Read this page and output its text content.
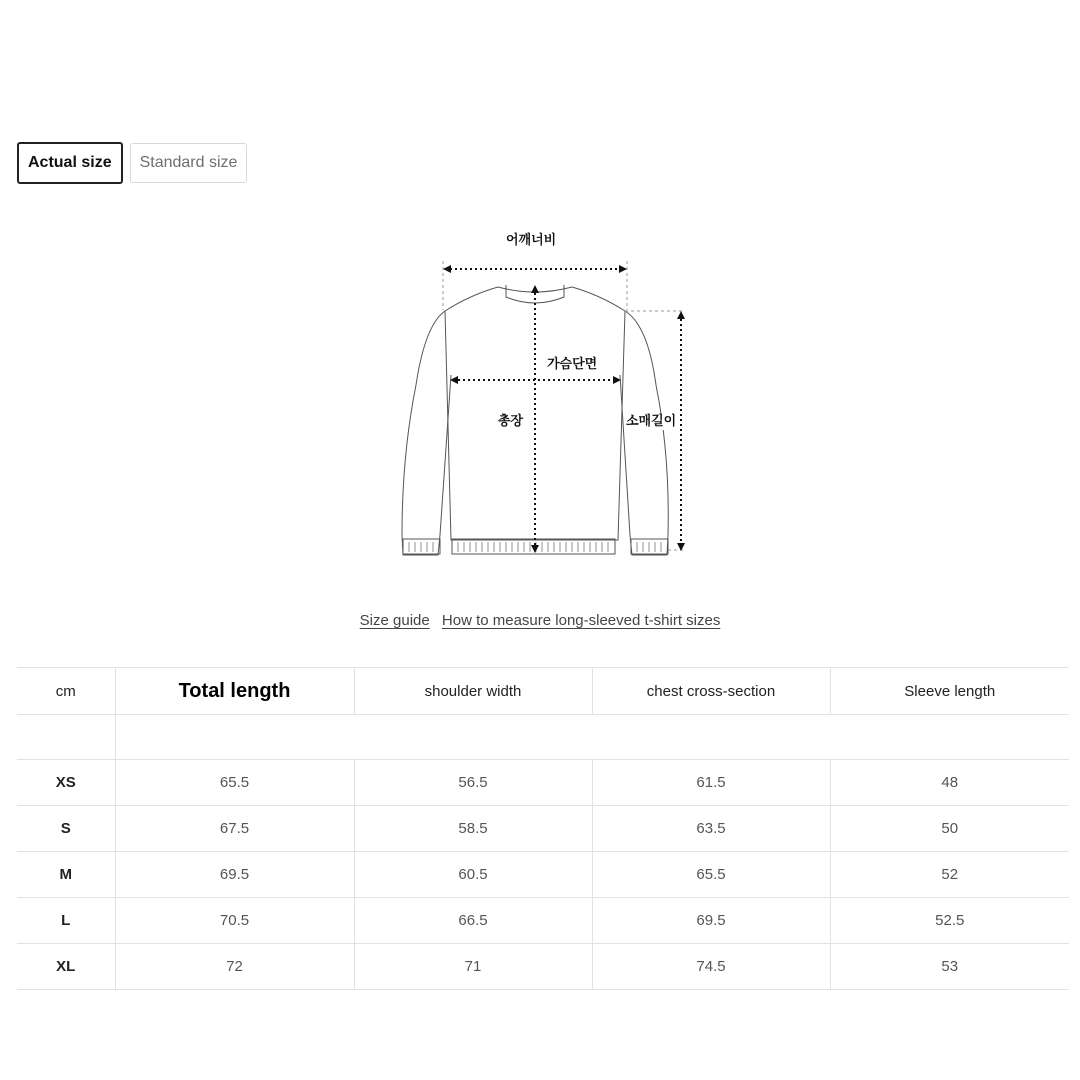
Actual size	Standard size
어깨너비
가슴단면
총장	소매길이
Size guide How to measure long-sleeved t-shirt sizes
cm	Total length	shoulder width	chest cross-section	Sleeve length

XS	65.5	56.5	61.5	48
S	67.5	58.5	63.5	50
M	69.5	60.5	65.5	52
L	70.5	66.5	69.5	52.5
XL	72	71	74.5	53
